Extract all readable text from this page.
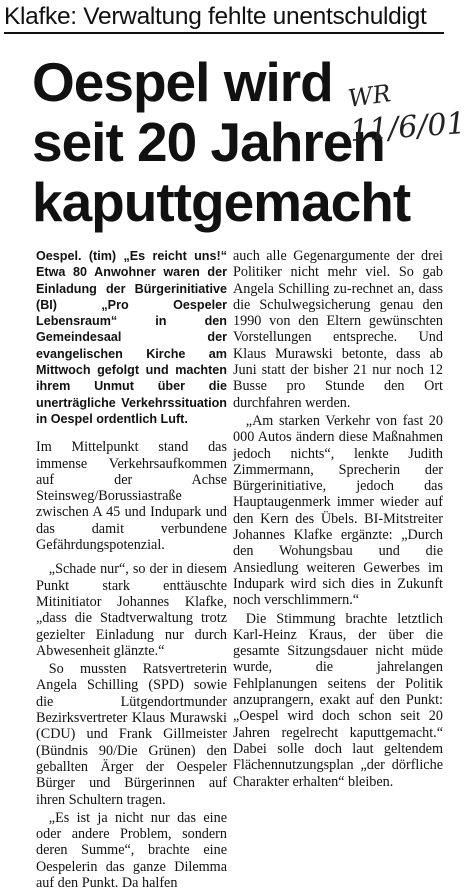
Klafke: Verwaltung fehlte unentschuldigt
Oespel wird
seit 20 Jahren
kaputtgemacht
WR
11/6/01
Oespel. (tim) „Es reicht uns!“ Etwa 80 Anwohner waren der Einladung der Bürgerinitiative (BI) „Pro Oespeler Lebensraum“ in den Gemeindesaal der evangelischen Kirche am Mittwoch gefolgt und machten ihrem Unmut über die unerträgliche Verkehrssituation in Oespel ordentlich Luft.

Im Mittelpunkt stand das immense Verkehrsaufkommen auf der Achse Steinsweg/Borussiastraße zwischen A 45 und Indupark und das damit verbundene Gefährdungspotenzial.

„Schade nur“, so der in diesem Punkt stark enttäuschte Mitinitiator Johannes Klafke, „dass die Stadtverwaltung trotz gezielter Einladung nur durch Abwesenheit glänzte.“

So mussten Ratsvertreterin Angela Schilling (SPD) sowie die Lütgendortmunder Bezirksvertreter Klaus Murawski (CDU) und Frank Gillmeister (Bündnis 90/Die Grünen) den geballten Ärger der Oespeler Bürger und Bürgerinnen auf ihren Schultern tragen.

„Es ist ja nicht nur das eine oder andere Problem, sondern deren Summe“, brachte eine Oespelerin das ganze Dilemma auf den Punkt. Da halfen

auch alle Gegenargumente der drei Politiker nicht mehr viel. So gab Angela Schilling zu-rechnet an, dass die Schulwegsicherung genau den 1990 von den Eltern gewünschten Vorstellungen entspreche. Und Klaus Murawski betonte, dass ab Juni statt der bisher 21 nur noch 12 Busse pro Stunde den Ort durchfahren werden.

„Am starken Verkehr von fast 20 000 Autos ändern diese Maßnahmen jedoch nichts“, lenkte Judith Zimmermann, Sprecherin der Bürgerinitiative, jedoch das Hauptaugenmerk immer wieder auf den Kern des Übels. BI-Mitstreiter Johannes Klafke ergänzte: „Durch den Wohungsbau und die Ansiedlung weiteren Gewerbes im Indupark wird sich dies in Zukunft noch verschlimmern.“

Die Stimmung brachte letztlich Karl-Heinz Kraus, der über die gesamte Sitzungsdauer nicht müde wurde, die jahrelangen Fehlplanungen seitens der Politik anzuprangern, exakt auf den Punkt: „Oespel wird doch schon seit 20 Jahren regelrecht kaputtgemacht.“ Dabei solle doch laut geltendem Flächennutzungsplan „der dörfliche Charakter erhalten“ bleiben.
